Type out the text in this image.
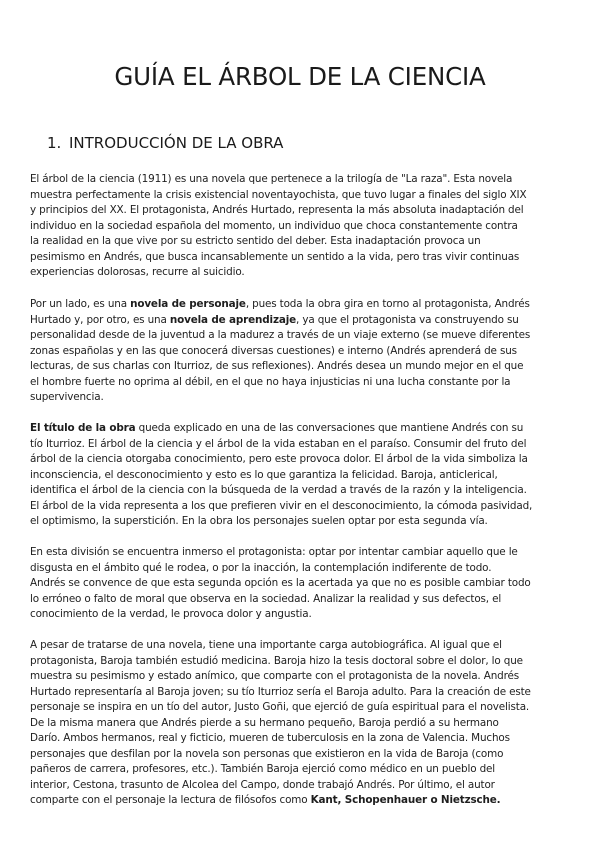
GUÍA EL ÁRBOL DE LA CIENCIA
1. INTRODUCCIÓN DE LA OBRA

El árbol de la ciencia (1911) es una novela que pertenece a la trilogía de "La raza". Esta novela
muestra perfectamente la crisis existencial noventayochista, que tuvo lugar a finales del siglo XIX
y principios del XX. El protagonista, Andrés Hurtado, representa la más absoluta inadaptación del
individuo en la sociedad española del momento, un individuo que choca constantemente contra
la realidad en la que vive por su estricto sentido del deber. Esta inadaptación provoca un
pesimismo en Andrés, que busca incansablemente un sentido a la vida, pero tras vivir continuas
experiencias dolorosas, recurre al suicidio.

Por un lado, es una novela de personaje, pues toda la obra gira en torno al protagonista, Andrés
Hurtado y, por otro, es una novela de aprendizaje, ya que el protagonista va construyendo su
personalidad desde de la juventud a la madurez a través de un viaje externo (se mueve diferentes
zonas españolas y en las que conocerá diversas cuestiones) e interno (Andrés aprenderá de sus
lecturas, de sus charlas con Iturrioz, de sus reflexiones). Andrés desea un mundo mejor en el que
el hombre fuerte no oprima al débil, en el que no haya injusticias ni una lucha constante por la
supervivencia.

El título de la obra queda explicado en una de las conversaciones que mantiene Andrés con su
tío Iturrioz. El árbol de la ciencia y el árbol de la vida estaban en el paraíso. Consumir del fruto del
árbol de la ciencia otorgaba conocimiento, pero este provoca dolor. El árbol de la vida simboliza la
inconsciencia, el desconocimiento y esto es lo que garantiza la felicidad. Baroja, anticlerical,
identifica el árbol de la ciencia con la búsqueda de la verdad a través de la razón y la inteligencia.
El árbol de la vida representa a los que prefieren vivir en el desconocimiento, la cómoda pasividad,
el optimismo, la superstición. En la obra los personajes suelen optar por esta segunda vía.

En esta división se encuentra inmerso el protagonista: optar por intentar cambiar aquello que le
disgusta en el ámbito qué le rodea, o por la inacción, la contemplación indiferente de todo.
Andrés se convence de que esta segunda opción es la acertada ya que no es posible cambiar todo
lo erróneo o falto de moral que observa en la sociedad. Analizar la realidad y sus defectos, el
conocimiento de la verdad, le provoca dolor y angustia.

A pesar de tratarse de una novela, tiene una importante carga autobiográfica. Al igual que el
protagonista, Baroja también estudió medicina. Baroja hizo la tesis doctoral sobre el dolor, lo que
muestra su pesimismo y estado anímico, que comparte con el protagonista de la novela. Andrés
Hurtado representaría al Baroja joven; su tío Iturrioz sería el Baroja adulto. Para la creación de este
personaje se inspira en un tío del autor, Justo Goñi, que ejerció de guía espiritual para el novelista.
De la misma manera que Andrés pierde a su hermano pequeño, Baroja perdió a su hermano
Darío. Ambos hermanos, real y ficticio, mueren de tuberculosis en la zona de Valencia. Muchos
personajes que desfilan por la novela son personas que existieron en la vida de Baroja (como
pañeros de carrera, profesores, etc.). También Baroja ejerció como médico en un pueblo del
interior, Cestona, trasunto de Alcolea del Campo, donde trabajó Andrés. Por último, el autor
comparte con el personaje la lectura de filósofos como Kant, Schopenhauer o Nietzsche.
